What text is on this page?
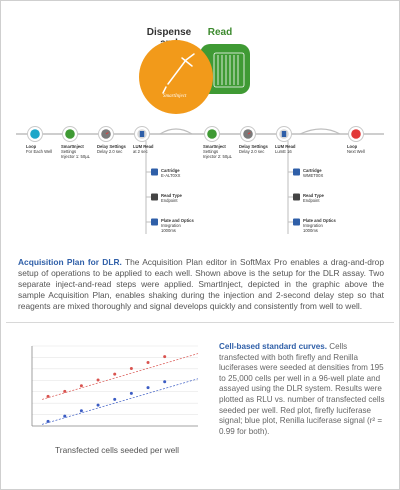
Dispense	Read
SmartInject
Loop
For Each Well
SmartInject
Settings
Injector 1: 50µL
Delay Settings
Delay 2.0 sec
LUM Read
at 2 sec
SmartInject
Settings
Injector 2: 50µL
Delay Settings
Delay 2.0 sec
LUM Read
LumE 16
Loop
Next Well
Cartridge
E-ALT0XX
Read Type
Endpoint
Plate and Optics
Integration 1000ms
Cartridge
WMET00X
Read Type
Endpoint
Plate and Optics
Integration 1000ms
Acquisition Plan for DLR. The Acquisition Plan editor in SoftMax Pro enables a drag-and-drop setup of operations to be applied to each well. Shown above is the setup for the DLR assay. Two separate inject-and-read steps were applied. SmartInject, depicted in the graphic above the sample Acquisition Plan, enables shaking during the injection and 2-second delay step so that reagents are mixed thoroughly and signal develops quickly and consistently from well to well.
Transfected cells seeded per well
Cell-based standard curves. Cells transfected with both firefly and Renilla luciferases were seeded at densities from 195 to 25,000 cells per well in a 96-well plate and assayed using the DLR system. Results were plotted as RLU vs. number of transfected cells seeded per well. Red plot, firefly luciferase signal; blue plot, Renilla luciferase signal (r² = 0.99 for both).
